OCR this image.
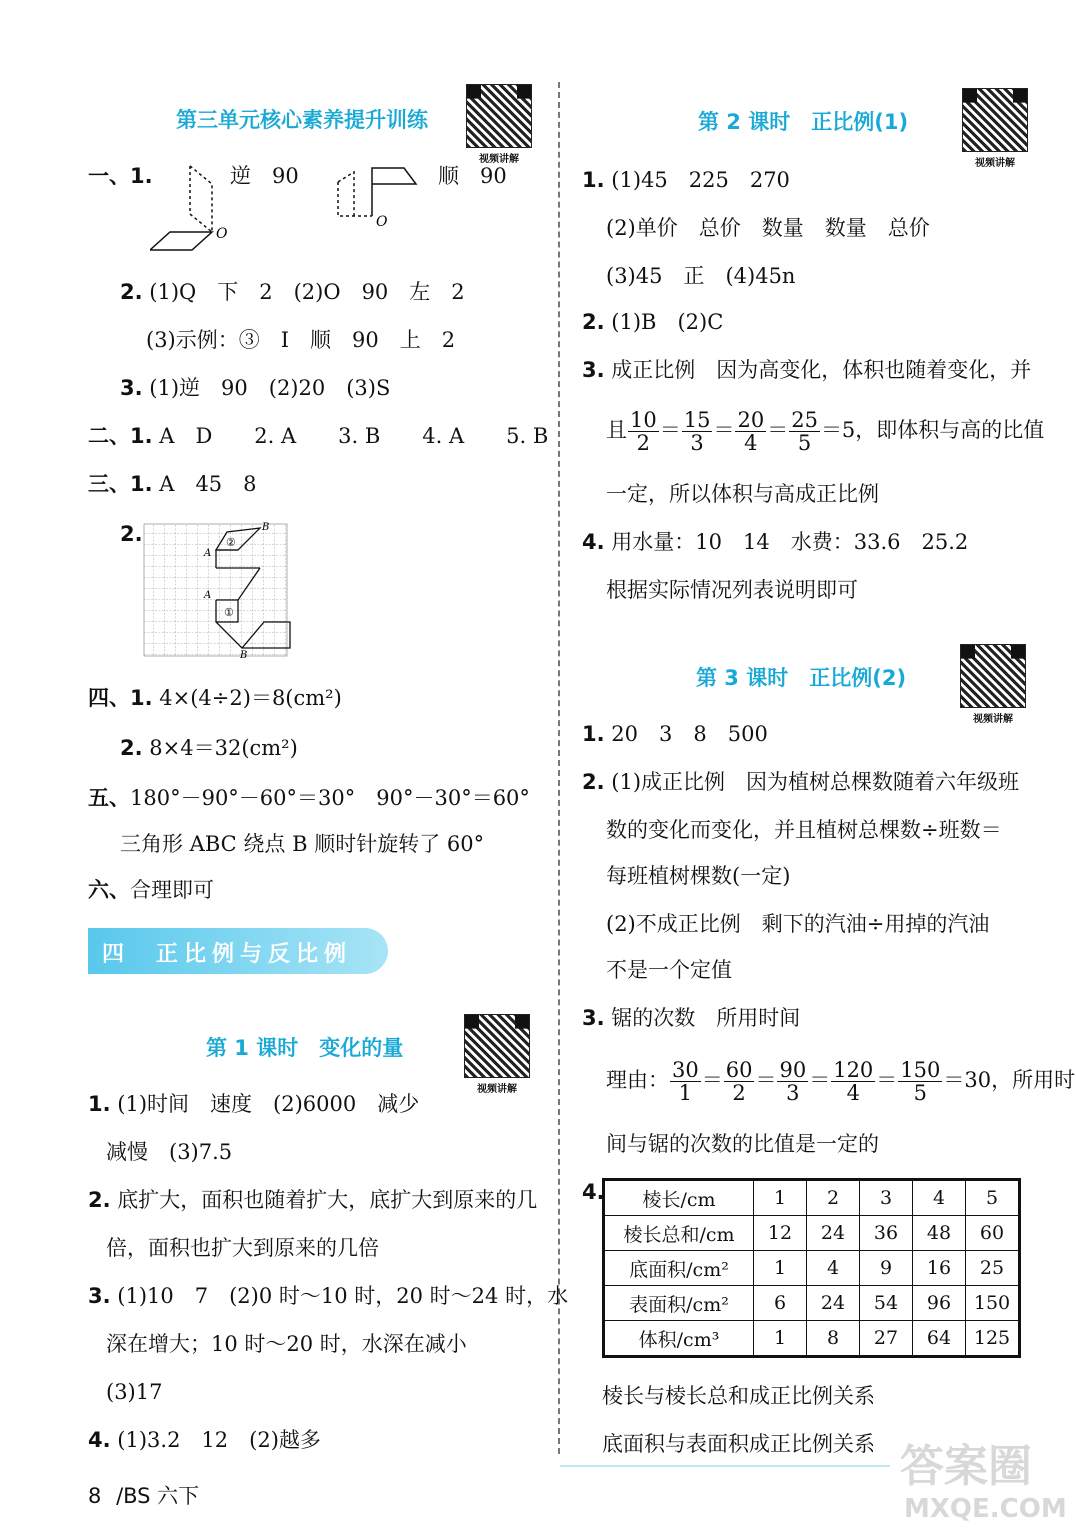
第三单元核心素养提升训练
视频讲解
一、1.
O
逆　90
O
顺　90
2. (1)Q　下　2　(2)O　90　左　2
(3)示例：③　I　顺　90　上　2
3. (1)逆　90　(2)20　(3)S
二、1. A　D　　2. A　　3. B　　4. A　　5. B
三、1. A　45　8
2.	B
A
②
A
①
B
四、1. 4×(4÷2)＝8(cm²)
2. 8×4＝32(cm²)
五、180°－90°－60°＝30°　90°－30°＝60°
三角形 ABC 绕点 B 顺时针旋转了 60°
六、合理即可
四 正比例与反比例
第 1 课时　变化的量
视频讲解
1. (1)时间　速度　(2)6000　减少
减慢　(3)7.5
2. 底扩大，面积也随着扩大，底扩大到原来的几
倍，面积也扩大到原来的几倍
3. (1)10　7　(2)0 时～10 时，20 时～24 时，水
深在增大；10 时～20 时，水深在减小
(3)17
4. (1)3.2　12　(2)越多
第 2 课时　正比例(1)
视频讲解
1. (1)45　225　270
(2)单价　总价　数量　数量　总价
(3)45　正　(4)45n
2. (1)B　(2)C
3. 成正比例　因为高变化，体积也随着变化，并
且 $\frac{10}{2} = \frac{15}{3} = \frac{20}{4} = \frac{25}{5} =5$，即体积与高的比值
一定，所以体积与高成正比例
4. 用水量：10　14　水费：33.6　25.2
根据实际情况列表说明即可
第 3 课时　正比例(2)
视频讲解
1. 20　3　8　500
2. (1)成正比例　因为植树总棵数随着六年级班
数的变化而变化，并且植树总棵数÷班数＝
每班植树棵数(一定)
(2)不成正比例　剩下的汽油÷用掉的汽油
不是一个定值
3. 锯的次数　所用时间
理由： $\frac{30}{1} = \frac{60}{2} = \frac{90}{3} = \frac{120}{4} = \frac{150}{5} =30$，所用时
间与锯的次数的比值是一定的
4. 棱长/cm	1	2	3	4	5
棱长总和/cm	12	24	36	48	60
底面积/cm²	1	4	9	16	25
表面积/cm²	6	24	54	96	150
体积/cm³	1	8	27	64	125
棱长与棱长总和成正比例关系
底面积与表面积成正比例关系
8 /BS 六下
答案圈
MXQE.COM
